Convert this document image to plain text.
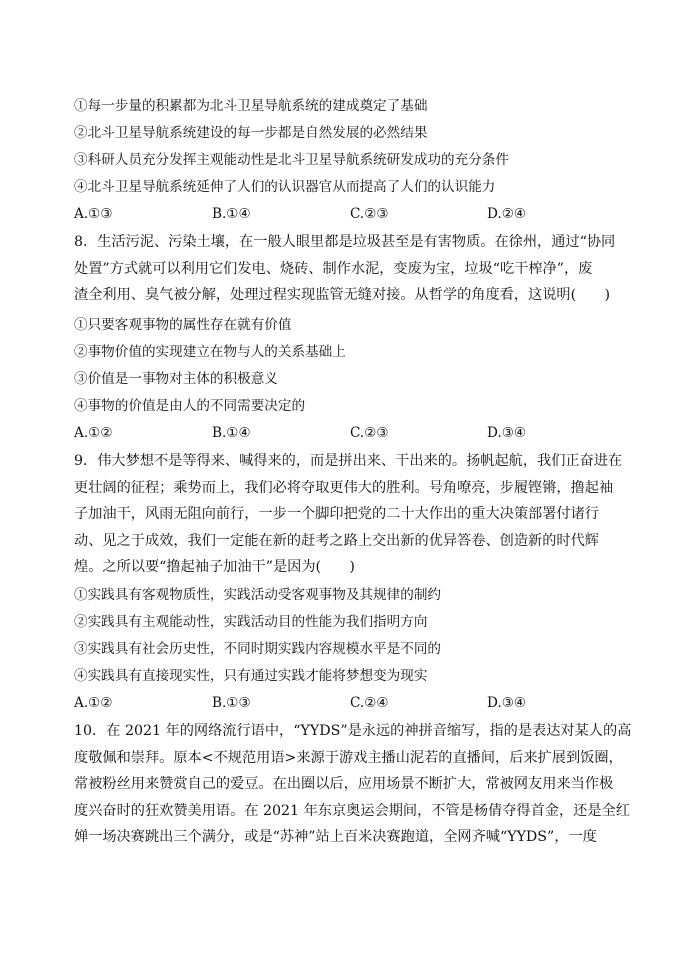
①每一步量的积累都为北斗卫星导航系统的建成奠定了基础
②北斗卫星导航系统建设的每一步都是自然发展的必然结果
③科研人员充分发挥主观能动性是北斗卫星导航系统研发成功的充分条件
④北斗卫星导航系统延伸了人们的认识器官从而提高了人们的认识能力
A.①③	B.①④	C.②③	D.②④
8．生活污泥、污染土壤，在一般人眼里都是垃圾甚至是有害物质。在徐州，通过“协同
处置”方式就可以利用它们发电、烧砖、制作水泥，变废为宝，垃圾“吃干榨净”，废
渣全利用、臭气被分解，处理过程实现监管无缝对接。从哲学的角度看，这说明(　　)
①只要客观事物的属性存在就有价值
②事物价值的实现建立在物与人的关系基础上
③价值是一事物对主体的积极意义
④事物的价值是由人的不同需要决定的
A.①②	B.①④	C.②③	D.③④
9．伟大梦想不是等得来、喊得来的，而是拼出来、干出来的。扬帆起航，我们正奋进在
更壮阔的征程；乘势而上，我们必将夺取更伟大的胜利。号角嘹亮，步履铿锵，撸起袖
子加油干，风雨无阻向前行，一步一个脚印把党的二十大作出的重大决策部署付诸行
动、见之于成效，我们一定能在新的赶考之路上交出新的优异答卷、创造新的时代辉
煌。之所以要“撸起袖子加油干”是因为(　　)
①实践具有客观物质性，实践活动受客观事物及其规律的制约
②实践具有主观能动性，实践活动目的性能为我们指明方向
③实践具有社会历史性，不同时期实践内容规模水平是不同的
④实践具有直接现实性，只有通过实践才能将梦想变为现实
A.①②	B.①③	C.②④	D.③④
10．在 2021 年的网络流行语中，“YYDS”是永远的神拼音缩写，指的是表达对某人的高
度敬佩和崇拜。原本<不规范用语>来源于游戏主播山泥若的直播间，后来扩展到饭圈，
常被粉丝用来赞赏自己的爱豆。在出圈以后，应用场景不断扩大，常被网友用来当作极
度兴奋时的狂欢赞美用语。在 2021 年东京奥运会期间，不管是杨倩夺得首金，还是全红
婵一场决赛跳出三个满分，或是“苏神”站上百米决赛跑道，全网齐喊“YYDS”，一度
